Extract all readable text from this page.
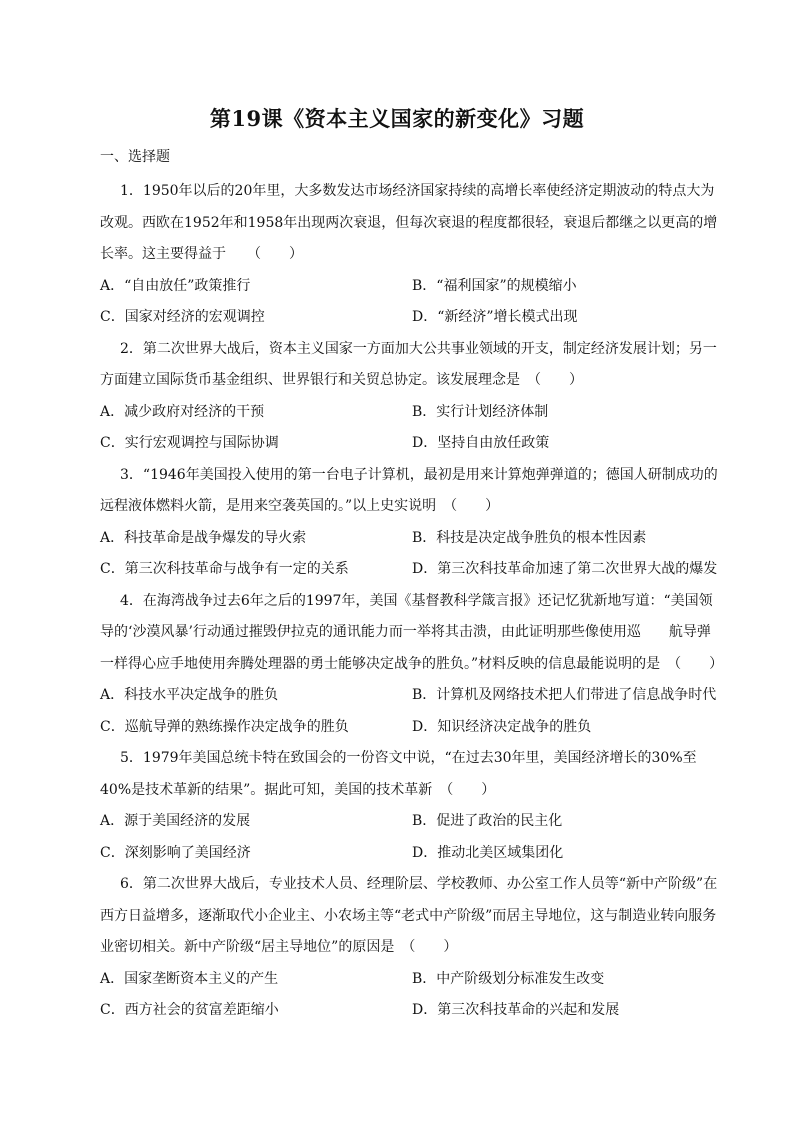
第19课《资本主义国家的新变化》习题
一、选择题
1．1950年以后的20年里，大多数发达市场经济国家持续的高增长率使经济定期波动的特点大为改观。西欧在1952年和1958年出现两次衰退，但每次衰退的程度都很轻，衰退后都继之以更高的增长率。这主要得益于　　（　　）
A．“自由放任”政策推行	B．“福利国家”的规模缩小
C．国家对经济的宏观调控	D．“新经济”增长模式出现
2．第二次世界大战后，资本主义国家一方面加大公共事业领域的开支，制定经济发展计划；另一方面建立国际货币基金组织、世界银行和关贸总协定。该发展理念是　（　　）
A．减少政府对经济的干预	B．实行计划经济体制
C．实行宏观调控与国际协调	D．坚持自由放任政策
3．“1946年美国投入使用的第一台电子计算机，最初是用来计算炮弹弹道的；德国人研制成功的远程液体燃料火箭，是用来空袭英国的。”以上史实说明　（　　）
A．科技革命是战争爆发的导火索	B．科技是决定战争胜负的根本性因素
C．第三次科技革命与战争有一定的关系	D．第三次科技革命加速了第二次世界大战的爆发
4．在海湾战争过去6年之后的1997年，美国《基督教科学箴言报》还记忆犹新地写道：“美国领导的‘沙漠风暴’行动通过摧毁伊拉克的通讯能力而一举将其击溃，由此证明那些像使用巡　　航导弹一样得心应手地使用奔腾处理器的勇士能够决定战争的胜负。”材料反映的信息最能说明的是　（　　）
A．科技水平决定战争的胜负	B．计算机及网络技术把人们带进了信息战争时代
C．巡航导弹的熟练操作决定战争的胜负	D．知识经济决定战争的胜负
5．1979年美国总统卡特在致国会的一份咨文中说，“在过去30年里，美国经济增长的30%至40%是技术革新的结果”。据此可知，美国的技术革新　（　　）
A．源于美国经济的发展	B．促进了政治的民主化
C．深刻影响了美国经济	D．推动北美区域集团化
6．第二次世界大战后，专业技术人员、经理阶层、学校教师、办公室工作人员等“新中产阶级”在西方日益增多，逐渐取代小企业主、小农场主等“老式中产阶级”而居主导地位，这与制造业转向服务业密切相关。新中产阶级“居主导地位”的原因是　（　　）
A．国家垄断资本主义的产生	B．中产阶级划分标准发生改变
C．西方社会的贫富差距缩小	D．第三次科技革命的兴起和发展
